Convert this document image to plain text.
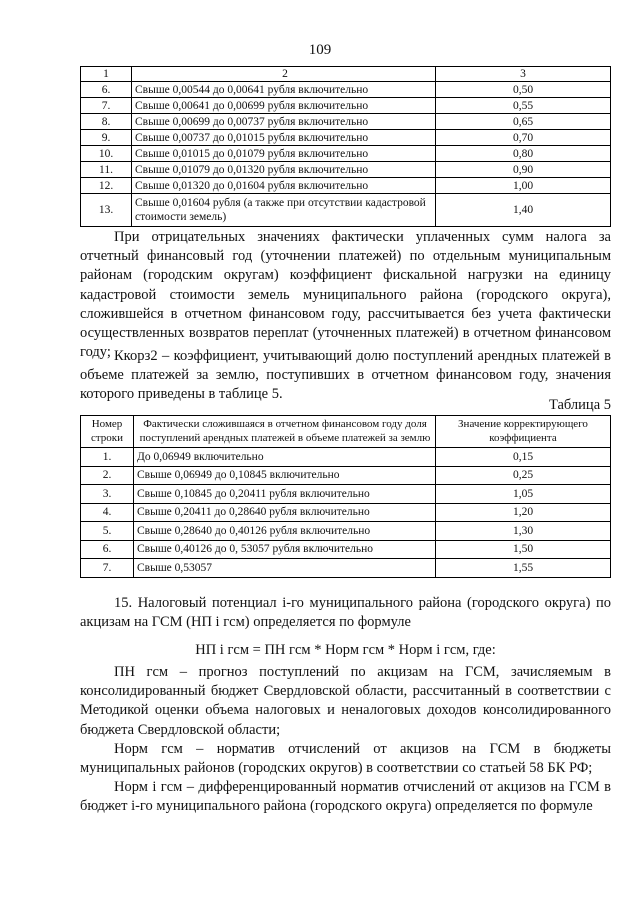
109
1	2	3
6.	Свыше 0,00544 до 0,00641 рубля включительно	0,50
7.	Свыше 0,00641 до 0,00699 рубля включительно	0,55
8.	Свыше 0,00699 до 0,00737 рубля включительно	0,65
9.	Свыше 0,00737 до 0,01015 рубля включительно	0,70
10.	Свыше 0,01015 до 0,01079 рубля включительно	0,80
11.	Свыше 0,01079 до 0,01320 рубля включительно	0,90
12.	Свыше 0,01320 до 0,01604 рубля включительно	1,00
13.	Свыше 0,01604 рубля (а также при отсутствии кадастровой стоимости земель)	1,40

При отрицательных значениях фактически уплаченных сумм налога за отчетный финансовый год (уточнении платежей) по отдельным муниципальным районам (городским округам) коэффициент фискальной нагрузки на единицу кадастровой стоимости земель муниципального района (городского округа), сложившейся в отчетном финансовом году, рассчитывается без учета фактически осуществленных возвратов переплат (уточненных платежей) в отчетном финансовом году; Ккорз2 – коэффициент, учитывающий долю поступлений арендных платежей в объеме платежей за землю, поступивших в отчетном финансовом году, значения которого приведены в таблице 5.

Таблица 5
Номер строки	Фактически сложившаяся в отчетном финансовом году доля поступлений арендных платежей в объеме платежей за землю	Значение корректирующего коэффициента
1.	До 0,06949 включительно	0,15
2.	Свыше 0,06949 до 0,10845 включительно	0,25
3.	Свыше 0,10845 до 0,20411 рубля включительно	1,05
4.	Свыше 0,20411 до 0,28640 рубля включительно	1,20
5.	Свыше 0,28640 до 0,40126 рубля включительно	1,30
6.	Свыше 0,40126 до 0, 53057 рубля включительно	1,50
7.	Свыше 0,53057	1,55

15. Налоговый потенциал i-го муниципального района (городского округа) по акцизам на ГСМ (НП i гсм) определяется по формуле

НП i гсм = ПН гсм * Норм гсм * Норм i гсм, где:

ПН гсм – прогноз поступлений по акцизам на ГСМ, зачисляемым в консолидированный бюджет Свердловской области, рассчитанный в соответствии с Методикой оценки объема налоговых и неналоговых доходов консолидированного бюджета Свердловской области;

Норм гсм – норматив отчислений от акцизов на ГСМ в бюджеты муниципальных районов (городских округов) в соответствии со статьей 58 БК РФ;

Норм i гсм – дифференцированный норматив отчислений от акцизов на ГСМ в бюджет i-го муниципального района (городского округа) определяется по формуле
